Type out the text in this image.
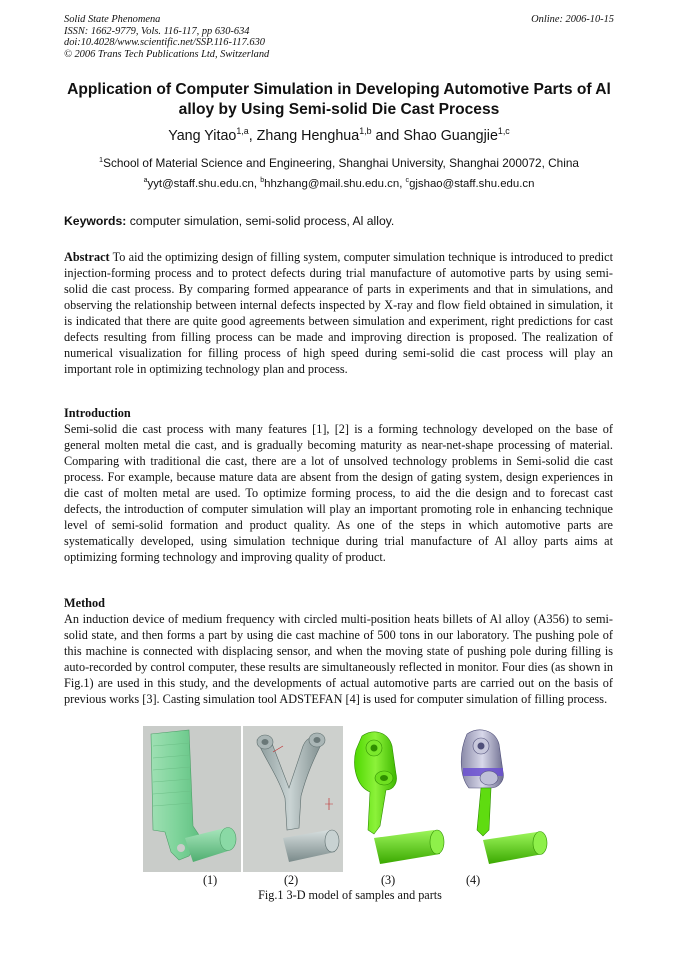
Solid State Phenomena
ISSN: 1662-9779, Vols. 116-117, pp 630-634
doi:10.4028/www.scientific.net/SSP.116-117.630
© 2006 Trans Tech Publications Ltd, Switzerland
Online: 2006-10-15
Application of Computer Simulation in Developing Automotive Parts of Al alloy by Using Semi-solid Die Cast Process
Yang Yitao$^{1,a}$, Zhang Henghua$^{1,b}$ and Shao Guangjie$^{1,c}$
$^1$School of Material Science and Engineering, Shanghai University, Shanghai 200072, China
$^a$yyt@staff.shu.edu.cn, $^b$hhzhang@mail.shu.edu.cn, $^c$gjshao@staff.shu.edu.cn
Keywords: computer simulation, semi-solid process, Al alloy.
Abstract To aid the optimizing design of filling system, computer simulation technique is introduced to predict injection-forming process and to protect defects during trial manufacture of automotive parts by using semi-solid die cast process. By comparing formed appearance of parts in experiments and that in simulations, and observing the relationship between internal defects inspected by X-ray and flow field obtained in simulation, it is indicated that there are quite good agreements between simulation and experiment, right predictions for cast defects resulting from filling process can be made and improving direction is proposed. The realization of numerical visualization for filling process of high speed during semi-solid die cast process will play an important role in optimizing technology plan and process.
Introduction
Semi-solid die cast process with many features [1], [2] is a forming technology developed on the base of general molten metal die cast, and is gradually becoming maturity as near-net-shape processing of material. Comparing with traditional die cast, there are a lot of unsolved technology problems in Semi-solid die cast process. For example, because mature data are absent from the design of gating system, design experiences in die cast of molten metal are used. To optimize forming process, to aid the die design and to forecast cast defects, the introduction of computer simulation will play an important promoting role in enhancing technique level of semi-solid formation and product quality. As one of the steps in which automotive parts are systematically developed, using simulation technique during trial manufacture of Al alloy parts aims at optimizing forming technology and improving quality of product.
Method
An induction device of medium frequency with circled multi-position heats billets of Al alloy (A356) to semi-solid state, and then forms a part by using die cast machine of 500 tons in our laboratory. The pushing pole of this machine is connected with displacing sensor, and when the moving state of pushing pole during filling is auto-recorded by control computer, these results are simultaneously reflected in monitor. Four dies (as shown in Fig.1) are used in this study, and the developments of actual automotive parts are carried out on the basis of previous works [3]. Casting simulation tool ADSTEFAN [4] is used for computer simulation of filling process.
(1)	(2)	(3)	(4)
Fig.1 3-D model of samples and parts
